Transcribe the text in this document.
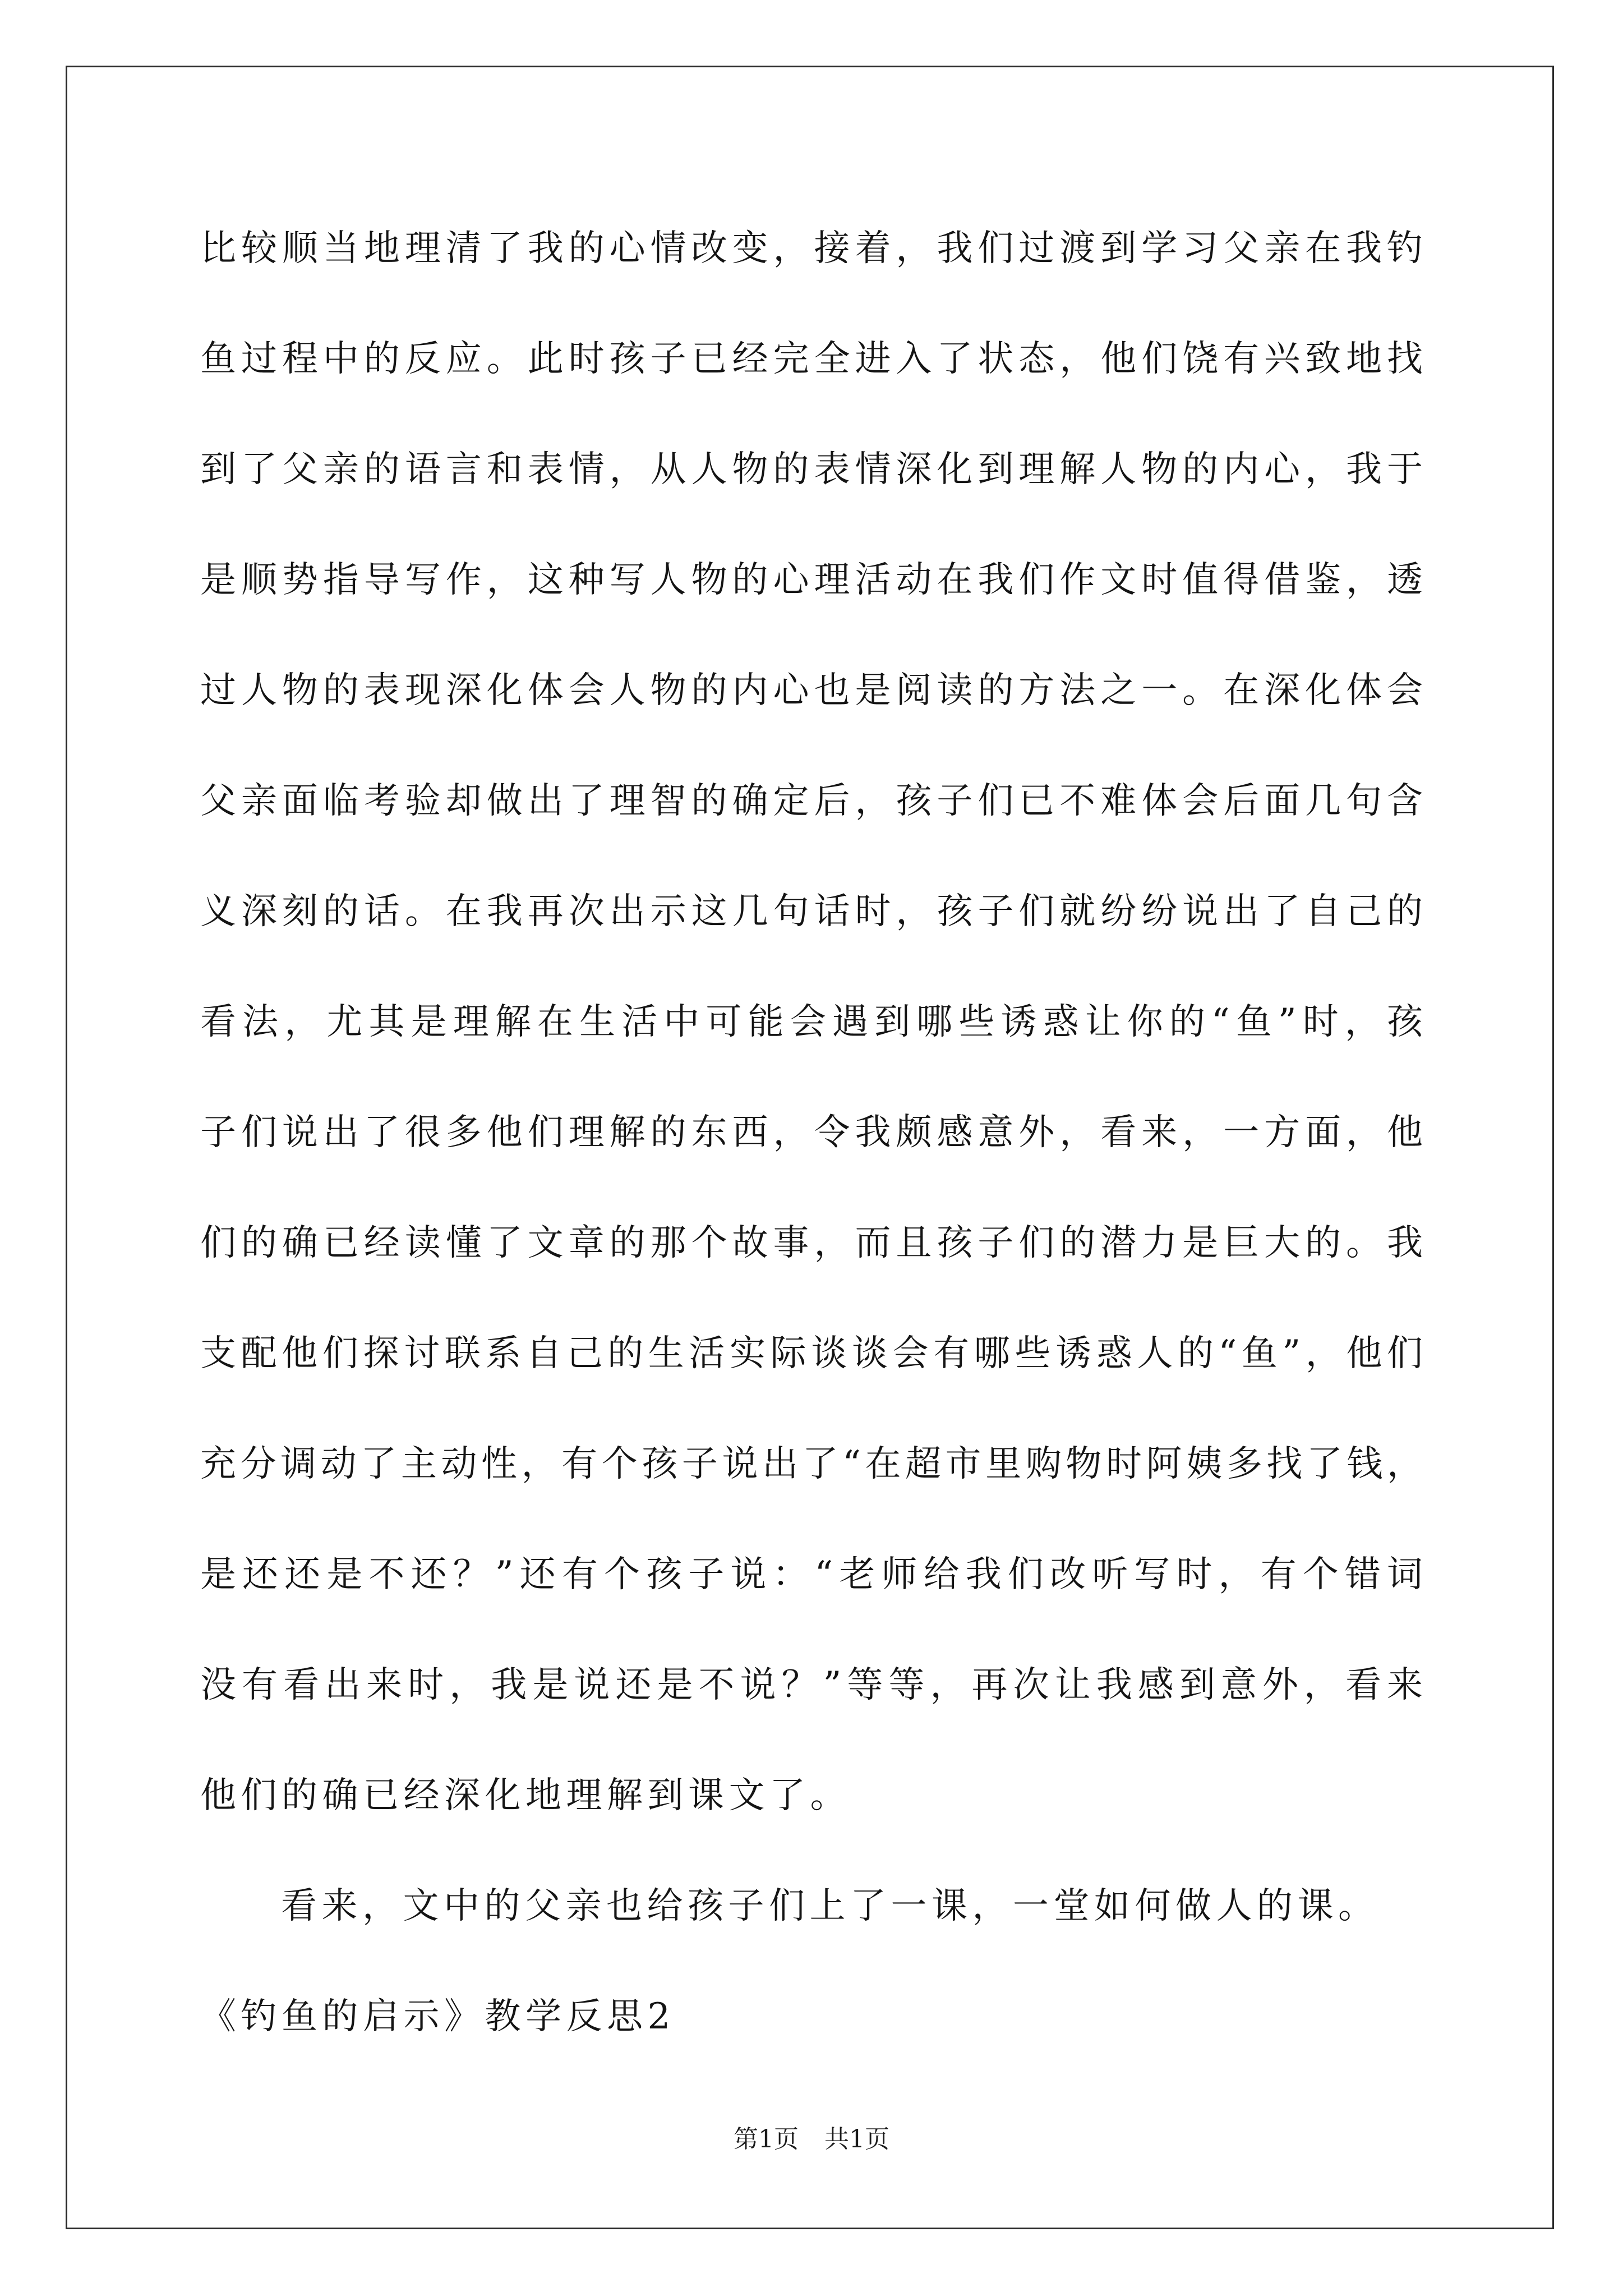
比较顺当地理清了我的心情改变，接着，我们过渡到学习父亲在我钓
鱼过程中的反应。此时孩子已经完全进入了状态，他们饶有兴致地找
到了父亲的语言和表情，从人物的表情深化到理解人物的内心，我于
是顺势指导写作，这种写人物的心理活动在我们作文时值得借鉴，透
过人物的表现深化体会人物的内心也是阅读的方法之一。在深化体会
父亲面临考验却做出了理智的确定后，孩子们已不难体会后面几句含
义深刻的话。在我再次出示这几句话时，孩子们就纷纷说出了自己的
看法，尤其是理解在生活中可能会遇到哪些诱惑让你的“鱼”时，孩
子们说出了很多他们理解的东西，令我颇感意外，看来，一方面，他
们的确已经读懂了文章的那个故事，而且孩子们的潜力是巨大的。我
支配他们探讨联系自己的生活实际谈谈会有哪些诱惑人的“鱼”，他们
充分调动了主动性，有个孩子说出了“在超市里购物时阿姨多找了钱，
是还还是不还？”还有个孩子说：“老师给我们改听写时，有个错词
没有看出来时，我是说还是不说？”等等，再次让我感到意外，看来
他们的确已经深化地理解到课文了。
看来，文中的父亲也给孩子们上了一课，一堂如何做人的课。
《钓鱼的启示》教学反思2
第1页 共1页
